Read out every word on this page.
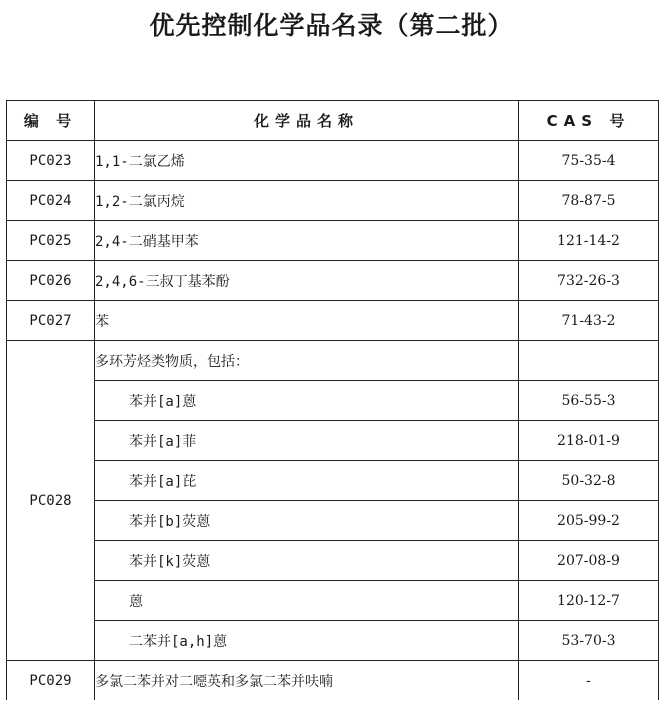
优先控制化学品名录（第二批）
编 号	化学品名称	CAS 号
PC023	1,1-二氯乙烯	75-35-4
PC024	1,2-二氯丙烷	78-87-5
PC025	2,4-二硝基甲苯	121-14-2
PC026	2,4,6-三叔丁基苯酚	732-26-3
PC027	苯	71-43-2
PC028	多环芳烃类物质，包括：	
	苯并[a]蒽	56-55-3
	苯并[a]菲	218-01-9
	苯并[a]芘	50-32-8
	苯并[b]荧蒽	205-99-2
	苯并[k]荧蒽	207-08-9
	蒽	120-12-7
	二苯并[a,h]蒽	53-70-3
PC029	多氯二苯并对二噁英和多氯二苯并呋喃	-
